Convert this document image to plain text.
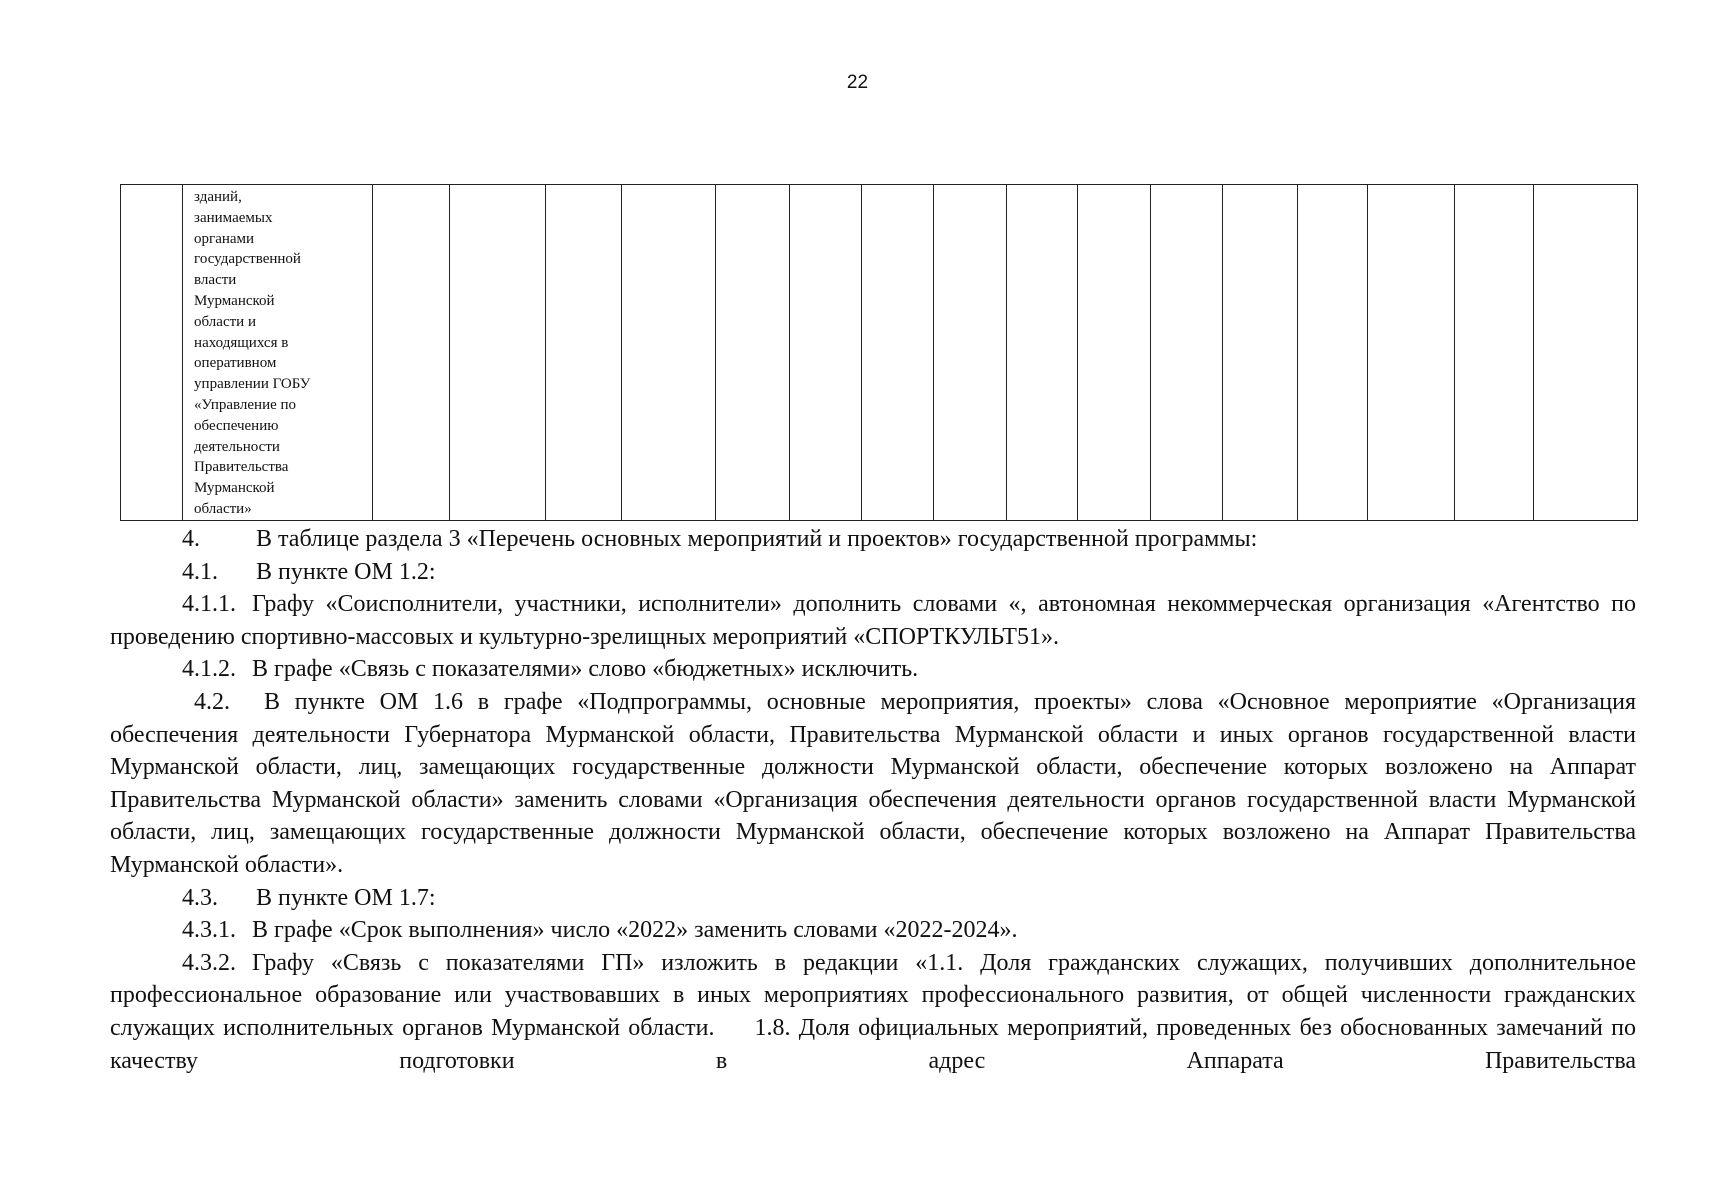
22

зданий,
занимаемых
органами
государственной
власти
Мурманской
области и
находящихся в
оперативном
управлении ГОБУ
«Управление по
обеспечению
деятельности
Правительства
Мурманской
области»

4. В таблице раздела 3 «Перечень основных мероприятий и проектов» государственной программы:

4.1. В пункте ОМ 1.2:

4.1.1. Графу «Соисполнители, участники, исполнители» дополнить словами «, автономная некоммерческая организация «Агентство по проведению спортивно-массовых и культурно-зрелищных мероприятий «СПОРТКУЛЬТ51».

4.1.2. В графе «Связь с показателями» слово «бюджетных» исключить.

4.2. В пункте ОМ 1.6 в графе «Подпрограммы, основные мероприятия, проекты» слова «Основное мероприятие «Организация обеспечения деятельности Губернатора Мурманской области, Правительства Мурманской области и иных органов государственной власти Мурманской области, лиц, замещающих государственные должности Мурманской области, обеспечение которых возложено на Аппарат Правительства Мурманской области» заменить словами «Организация обеспечения деятельности органов государственной власти Мурманской области, лиц, замещающих государственные должности Мурманской области, обеспечение которых возложено на Аппарат Правительства Мурманской области».

4.3. В пункте ОМ 1.7:

4.3.1. В графе «Срок выполнения» число «2022» заменить словами «2022-2024».

4.3.2. Графу «Связь с показателями ГП» изложить в редакции «1.1. Доля гражданских служащих, получивших дополнительное профессиональное образование или участвовавших в иных мероприятиях профессионального развития, от общей численности гражданских служащих исполнительных органов Мурманской области. 1.8. Доля официальных мероприятий, проведенных без обоснованных замечаний по качеству подготовки в адрес Аппарата Правительства
